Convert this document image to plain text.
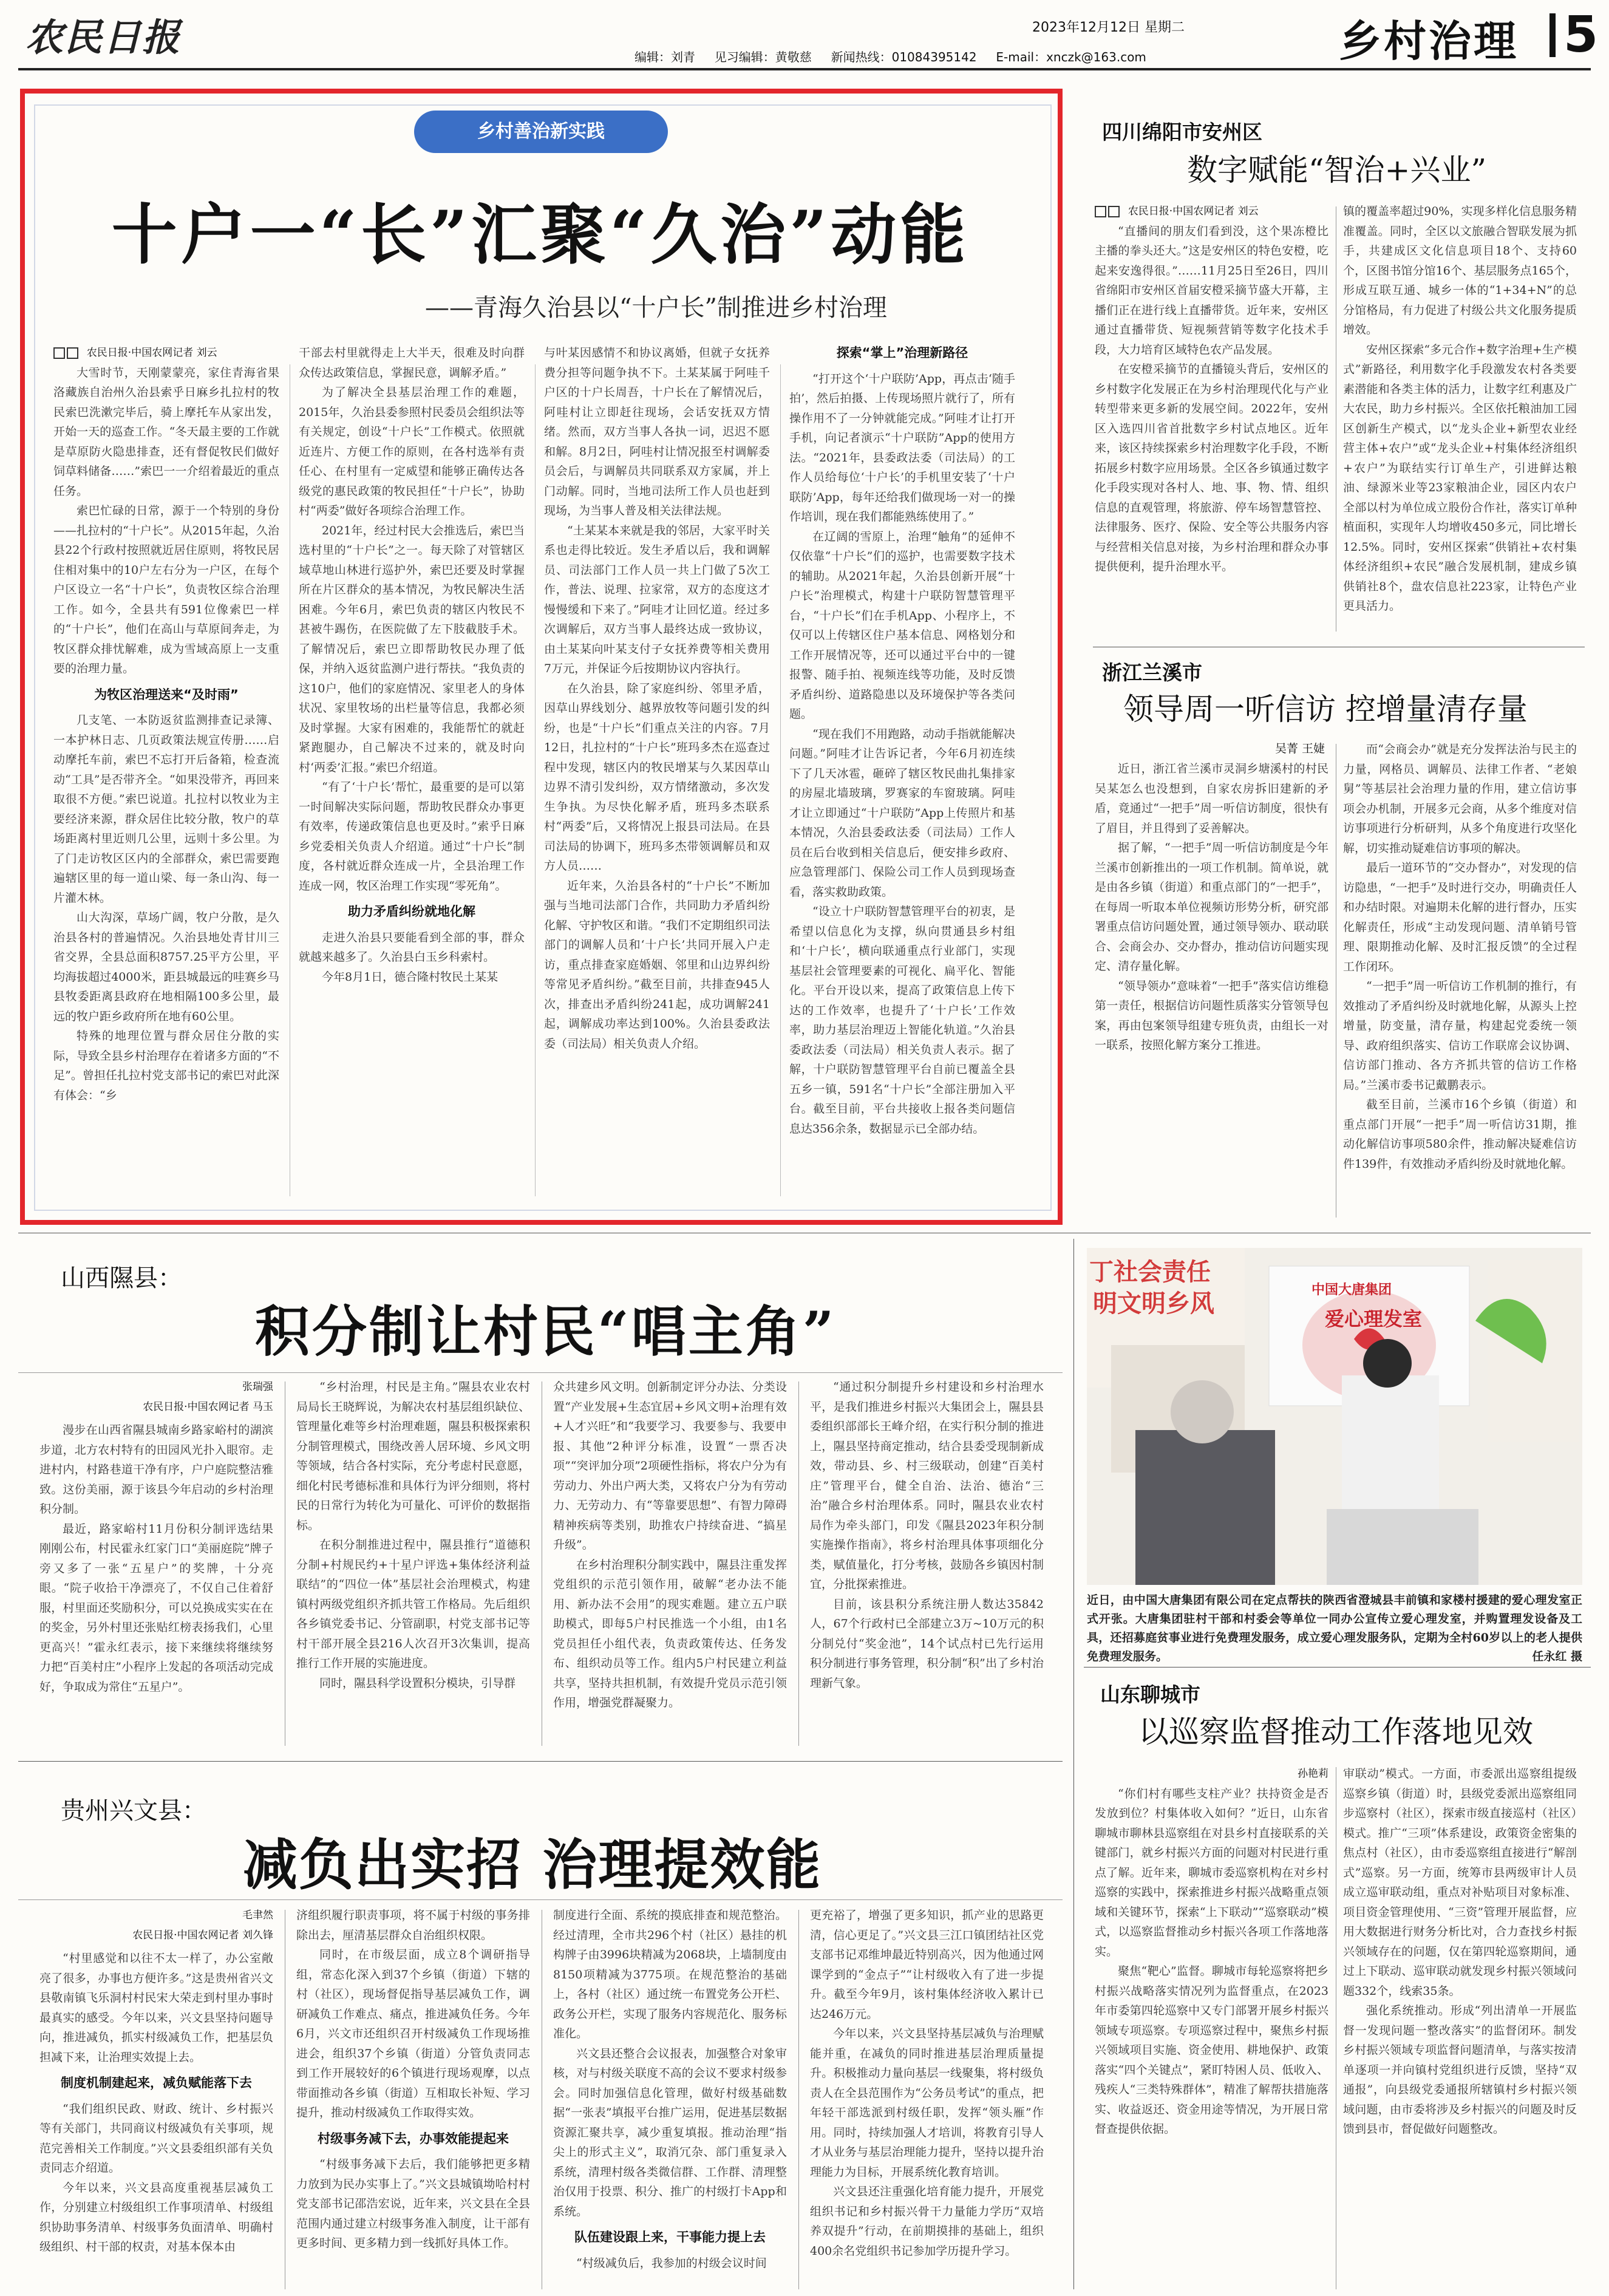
农民日报	2023年12月12日 星期二
编辑：刘青 见习编辑：黄敬慈 新闻热线：01084395142 E-mail：xnczk@163.com	乡村治理 5
乡村善治新实践
十户一“长”汇聚“久治”动能
——青海久治县以“十户长”制推进乡村治理
农民日报·中国农网记者 刘云

大雪时节，天刚蒙蒙亮，家住青海省果洛藏族自治州久治县索乎日麻乡扎拉村的牧民索巴洗漱完毕后，骑上摩托车从家出发，开始一天的巡查工作。“冬天最主要的工作就是草原防火隐患排查，还有督促牧民们做好饲草料储备……”索巴一一介绍着最近的重点任务。

索巴忙碌的日常，源于一个特别的身份——扎拉村的“十户长”。从2015年起，久治县22个行政村按照就近居住原则，将牧民居住相对集中的10户左右分为一户区，在每个户区设立一名“十户长”，负责牧区综合治理工作。如今，全县共有591位像索巴一样的“十户长”，他们在高山与草原间奔走，为牧区群众排忧解难，成为雪域高原上一支重要的治理力量。

为牧区治理送来“及时雨”

几支笔、一本防返贫监测排查记录簿、一本护林日志、几页政策法规宣传册……启动摩托车前，索巴不忘打开后备箱，检查流动“工具”是否带齐全。“如果没带齐，再回来取很不方便。”索巴说道。扎拉村以牧业为主要经济来源，群众居住比较分散，牧户的草场距离村里近则几公里，远则十多公里。为了门走访牧区区内的全部群众，索巴需要跑遍辖区里的每一道山梁、每一条山沟、每一片灌木林。

山大沟深，草场广阔，牧户分散，是久治县各村的普遍情况。久治县地处青甘川三省交界，全县总面积8757.25平方公里，平均海拔超过4000米，距县城最远的哇赛乡马县牧委距离县政府在地相隔100多公里，最远的牧户距乡政府所在地有60公里。

特殊的地理位置与群众居住分散的实际，导致全县乡村治理存在着诸多方面的“不足”。曾担任扎拉村党支部书记的索巴对此深有体会：“乡

干部去村里就得走上大半天，很难及时向群众传达政策信息，掌握民意，调解矛盾。”

为了解决全县基层治理工作的难题，2015年，久治县委参照村民委员会组织法等有关规定，创设“十户长”工作模式。依照就近连片、方便工作的原则，在各村选举有责任心、在村里有一定威望和能够正确传达各级党的惠民政策的牧民担任“十户长”，协助村“两委”做好各项综合治理工作。

2021年，经过村民大会推选后，索巴当选村里的“十户长”之一。每天除了对管辖区域草地山林进行巡护外，索巴还要及时掌握所在片区群众的基本情况，为牧民解决生活困难。今年6月，索巴负责的辖区内牧民不甚被牛踢伤，在医院做了左下肢截肢手术。了解情况后，索巴立即帮助牧民办理了低保，并纳入返贫监测户进行帮扶。“我负责的这10户，他们的家庭情况、家里老人的身体状况、家里牧场的出栏量等信息，我都必须及时掌握。大家有困难的，我能帮忙的就赶紧跑腿办，自己解决不过来的，就及时向村‘两委’汇报。”索巴介绍道。

“有了‘十户长’帮忙，最重要的是可以第一时间解决实际问题，帮助牧民群众办事更有效率，传递政策信息也更及时。”索乎日麻乡党委相关负责人介绍道。通过“十户长”制度，各村就近群众连成一片，全县治理工作连成一网，牧区治理工作实现“零死角”。

助力矛盾纠纷就地化解

走进久治县只要能看到全部的事，群众就越来越多了。久治县白玉乡科索村。

今年8月1日，德合隆村牧民土某某

与叶某因感情不和协议离婚，但就子女抚养费分担等问题争执不下。土某某属于阿哇千户区的十户长周吾，十户长在了解情况后，阿哇村让立即赶往现场，会话安抚双方情绪。然而，双方当事人各执一词，迟迟不愿和解。8月2日，阿哇村让情况报至村调解委员会后，与调解员共同联系双方家属，并上门动解。同时，当地司法所工作人员也赶到现场，为当事人普及相关法律法规。

“土某某本来就是我的邻居，大家平时关系也走得比较近。发生矛盾以后，我和调解员、司法部门工作人员一共上门做了5次工作，普法、说理、拉家常，双方的态度这才慢慢缓和下来了。”阿哇才让回忆道。经过多次调解后，双方当事人最终达成一致协议，由土某某向叶某支付子女抚养费等相关费用7万元，并保证今后按期协议内容执行。

在久治县，除了家庭纠纷、邻里矛盾，因草山界线划分、越界放牧等问题引发的纠纷，也是“十户长”们重点关注的内容。7月12日，扎拉村的“十户长”班玛多杰在巡查过程中发现，辖区内的牧民增某与久某因草山边界不清引发纠纷，双方情绪激动，多次发生争执。为尽快化解矛盾，班玛多杰联系村“两委”后，又将情况上报县司法局。在县司法局的协调下，班玛多杰带领调解员和双方人员……

近年来，久治县各村的“十户长”不断加强与当地司法部门合作，共同助力矛盾纠纷化解、守护牧区和谐。“我们不定期组织司法部门的调解人员和‘十户长’共同开展入户走访，重点排查家庭婚姻、邻里和山边界纠纷等常见矛盾纠纷。”截至目前，共排查945人次，排查出矛盾纠纷241起，成功调解241起，调解成功率达到100%。久治县委政法委（司法局）相关负责人介绍。

探索“掌上”治理新路径

“打开这个‘十户联防’App，再点击‘随手拍’，然后拍摄、上传现场照片就行了，所有操作用不了一分钟就能完成。”阿哇才让打开手机，向记者演示“十户联防”App的使用方法。“2021年，县委政法委（司法局）的工作人员给每位‘十户长’的手机里安装了‘十户联防’App，每年还给我们做现场一对一的操作培训，现在我们都能熟练使用了。”

在辽阔的雪原上，治理“触角”的延伸不仅依靠“十户长”们的巡护，也需要数字技术的辅助。从2021年起，久治县创新开展“十户长”治理模式，构建十户联防智慧管理平台，“十户长”们在手机App、小程序上，不仅可以上传辖区住户基本信息、网格划分和工作开展情况等，还可以通过平台中的一键报警、随手拍、视频连线等功能，及时反馈矛盾纠纷、道路隐患以及环境保护等各类问题。

“现在我们不用跑路，动动手指就能解决问题。”阿哇才让告诉记者，今年6月初连续下了几天冰雹，砸碎了辖区牧民曲扎集排家的房屋北墙玻璃，罗赛家的车窗玻璃。阿哇才让立即通过“十户联防”App上传照片和基本情况，久治县委政法委（司法局）工作人员在后台收到相关信息后，便安排乡政府、应急管理部门、保险公司工作人员到现场查看，落实救助政策。

“设立十户联防智慧管理平台的初衷，是希望以信息化为支撑，纵向贯通县乡村组和‘十户长’，横向联通重点行业部门，实现基层社会管理要素的可视化、扁平化、智能化。平台开设以来，提高了政策信息上传下达的工作效率，也提升了‘十户长’工作效率，助力基层治理迈上智能化轨道。”久治县委政法委（司法局）相关负责人表示。据了解，十户联防智慧管理平台自前已覆盖全县五乡一镇，591名“十户长”全部注册加入平台。截至目前，平台共接收上报各类问题信息达356余条，数据显示已全部办结。

四川绵阳市安州区
数字赋能“智治+兴业”
农民日报·中国农网记者 刘云

“直播间的朋友们看到没，这个果冻橙比主播的拳头还大。”这是安州区的特色安橙，吃起来安逸得很。”……11月25日至26日，四川省绵阳市安州区首届安橙采摘节盛大开幕，主播们正在进行线上直播带货。近年来，安州区通过直播带货、短视频营销等数字化技术手段，大力培育区域特色农产品发展。

在安橙采摘节的直播镜头背后，安州区的乡村数字化发展正在为乡村治理现代化与产业转型带来更多新的发展空间。2022年，安州区入选四川省首批数字乡村试点地区。近年来，该区持续探索乡村治理数字化手段，不断拓展乡村数字应用场景。全区各乡镇通过数字化手段实现对各村人、地、事、物、情、组织信息的直观管理，将旅游、停车场智慧管控、法律服务、医疗、保险、安全等公共服务内容与经营相关信息对接，为乡村治理和群众办事提供便利，提升治理水平。

镇的覆盖率超过90%，实现多样化信息服务精准覆盖。同时，全区以文旅融合智联发展为抓手，共建成区文化信息项目18个、支持60个，区图书馆分馆16个、基层服务点165个，形成互联互通、城乡一体的“1+34+N”的总分馆格局，有力促进了村级公共文化服务提质增效。

安州区探索“多元合作+数字治理+生产模式”新路径，利用数字化手段激发农村各类要素潜能和各类主体的活力，让数字红利惠及广大农民，助力乡村振兴。全区依托粮油加工园区创新生产模式，以“龙头企业+新型农业经营主体+农户”或“龙头企业+村集体经济组织+农户”为联结实行订单生产，引进鲜达粮油、绿源米业等23家粮油企业，园区内农户全部以村为单位成立股份合作社，落实订单种植面积，实现年人均增收450多元，同比增长12.5%。同时，安州区探索“供销社+农村集体经济组织+农民”融合发展机制，建成乡镇供销社8个，盘农信息社223家，让特色产业更具活力。

浙江兰溪市
领导周一听信访 控增量清存量
吴菁 王婕

近日，浙江省兰溪市灵洞乡塘溪村的村民吴某怎么也没想到，自家农房拆旧建新的矛盾，竟通过“一把手”周一听信访制度，很快有了眉目，并且得到了妥善解决。

据了解，“一把手”周一听信访制度是今年兰溪市创新推出的一项工作机制。简单说，就是由各乡镇（街道）和重点部门的“一把手”，在每周一听取本单位视频访形势分析，研究部署重点信访问题处置，通过领导领办、联动联合、会商会办、交办督办，推动信访问题实现定、清存量化解。

“领导领办”意味着“一把手”落实信访维稳第一责任，根据信访问题性质落实分管领导包案，再由包案领导组建专班负责，由组长一对一联系，按照化解方案分工推进。

而“会商会办”就是充分发挥法治与民主的力量，网格员、调解员、法律工作者、“老娘舅”等基层社会治理力量的作用，建立信访事项会办机制，开展多元会商，从多个维度对信访事项进行分析研判，从多个角度进行攻坚化解，切实推动疑难信访事项的解决。

最后一道环节的“交办督办”，对发现的信访隐患，“一把手”及时进行交办，明确责任人和办结时限。对遍期未化解的进行督办，压实化解责任，形成“主动发现问题、清单销号管理、限期推动化解、及时汇报反馈”的全过程工作闭环。

“一把手”周一听信访工作机制的推行，有效推动了矛盾纠纷及时就地化解，从源头上控增量，防变量，清存量，构建起党委统一领导、政府组织落实、信访工作联席会议协调、信访部门推动、各方齐抓共管的信访工作格局。”兰溪市委书记戴鹏表示。

截至目前，兰溪市16个乡镇（街道）和重点部门开展“一把手”周一听信访31期，推动化解信访事项580余件，推动解决疑难信访件139件，有效推动矛盾纠纷及时就地化解。

山西隰县：
积分制让村民“唱主角”
张瑞强
农民日报·中国农网记者 马玉

漫步在山西省隰县城南乡路家峪村的湖滨步道，北方农村特有的田园风光扑入眼帘。走进村内，村路巷道干净有序，户户庭院整洁雅致。这份美丽，源于该县今年启动的乡村治理积分制。

最近，路家峪村11月份积分制评选结果刚刚公布，村民霍永红家门口“美丽庭院”牌子旁又多了一张“五星户”的奖牌，十分亮眼。“院子收拾干净漂亮了，不仅自己住着舒服，村里面还奖励积分，可以兑换成实实在在的奖金，另外村里还张贴红榜表扬我们，心里更高兴！”霍永红表示，接下来继续将继续努力把“百美村庄”小程序上发起的各项活动完成好，争取成为常住“五星户”。

“乡村治理，村民是主角。”隰县农业农村局局长王晓辉说，为解决农村基层组织缺位、管理量化难等乡村治理难题，隰县积极探索积分制管理模式，围绕改善人居环境、乡风文明等领域，结合各村实际，充分考虑村民意愿，细化村民考德标准和具体行为评分细则，将村民的日常行为转化为可量化、可评价的数据指标。

在积分制推进过程中，隰县推行“道德积分制+村规民约+十星户评选+集体经济利益联结”的“四位一体”基层社会治理模式，构建镇村两级党组织齐抓共管工作格局。先后组织各乡镇党委书记、分管副职，村党支部书记等村干部开展全县216人次召开3次集训，提高推行工作开展的实施进度。

同时，隰县科学设置积分模块，引导群

众共建乡风文明。创新制定评分办法、分类设置“产业发展+生态宜居+乡风文明+治理有效+人才兴旺”和“我要学习、我要参与、我要申报、其他”2种评分标准，设置“一票否决项”“突评加分项”2项硬性指标，将农户分为有劳动力、外出户两大类，又将农户分为有劳动力、无劳动力、有“等靠要思想”、有智力障碍精神疾病等类别，助推农户持续奋进、“搞星升级”。

在乡村治理积分制实践中，隰县注重发挥党组织的示范引领作用，破解“老办法不能用、新办法不会用”的现实难题。建立五户联助模式，即每5户村民推选一个小组，由1名党员担任小组代表，负责政策传达、任务发布、组织动员等工作。组内5户村民建立利益共享，坚持共担机制，有效提升党员示范引领作用，增强党群凝聚力。

“通过积分制提升乡村建设和乡村治理水平，是我们推进乡村振兴大集团会上，隰县县委组织部部长王峰介绍，在实行积分制的推进上，隰县坚持商定推动，结合县委受现制新成效，带动县、乡、村三级联动，创建“百美村庄”管理平台，健全自治、法治、德治“三治”融合乡村治理体系。同时，隰县农业农村局作为牵头部门，印发《隰县2023年积分制实施操作指南》，将乡村治理具体事项细化分类，赋值量化，打分考核，鼓励各乡镇因村制宜，分批探索推进。

目前，该县积分系统注册人数达35842人，67个行政村已全部建立3万~10万元的积分制兑付“奖金池”，14个试点村已先行运用积分制进行事务管理，积分制“积”出了乡村治理新气象。

贵州兴文县：
减负出实招 治理提效能
毛聿然
农民日报·中国农网记者 刘久锋

“村里感觉和以往不太一样了，办公室敞亮了很多，办事也方便许多。”这是贵州省兴文县敬南镇飞乐洞村村民宋大荣走到村里办事时最真实的感受。今年以来，兴文县坚持问题导向，推进减负，抓实村级减负工作，把基层负担减下来，让治理实效提上去。

制度机制建起来，减负赋能落下去

“我们组织民政、财政、统计、乡村振兴等有关部门，共同商议村级减负有关事项，规范完善相关工作制度。”兴文县委组织部有关负责同志介绍道。

今年以来，兴文县高度重视基层减负工作，分别建立村级组织工作事项清单、村级组织协助事务清单、村级事务负面清单、明确村级组织、村干部的权责，对基本保本由

济组织履行职责事项，将不属于村级的事务排除出去，厘清基层群众自治组织权限。

同时，在市级层面，成立8个调研指导组，常态化深入到37个乡镇（街道）下辖的村（社区），现场督促指导基层减负工作，调研减负工作难点、痛点，推进减负任务。今年6月，兴文市还组织召开村级减负工作现场推进会，组织37个乡镇（街道）分管负责同志到工作开展较好的6个镇进行现场观摩，以点带面推动各乡镇（街道）互相取长补短、学习提升，推动村级减负工作取得实效。

村级事务减下去，办事效能提起来

“村级事务减下去后，我们能够把更多精力放到为民办实事上了。”兴文县城镇坳哈村村党支部书记邵浩宏说，近年来，兴文县在全县范围内通过建立村级事务准入制度，让干部有更多时间、更多精力到一线抓好具体工作。

制度进行全面、系统的摸底排查和规范整治。经过清理，全市共296个村（社区）悬挂的机构牌子由3996块精减为2068块，上墙制度由8150项精减为3775项。在规范整治的基础上，各村（社区）通过统一布置党务公开栏、政务公开栏，实现了服务内容规范化、服务标准化。

兴文县还整合会议报表，加强整合对象审核，对与村级关联度不高的会议不要求村级参会。同时加强信息化管理，做好村级基础数据“一张表”填报平台推广运用，促进基层数据资源汇聚共享，减少重复填报。推动治理“指尖上的形式主义”，取消冗杂、部门重复录入系统，清理村级各类微信群、工作群、清理整治仅用于投票、积分、推广的村级打卡App和系统。

队伍建设跟上来，干事能力提上去

“村级减负后，我参加的村级会议时间

更充裕了，增强了更多知识，抓产业的思路更清，信心更足了。”兴文县三江口镇团结社区党支部书记邓维坤最近特别高兴，因为他通过网课学到的“金点子”“让村级收入有了进一步提升。截至今年9月，该村集体经济收入累计已达246万元。

今年以来，兴文县坚持基层减负与治理赋能并重，在减负的同时推进基层治理质量提升。积极推动力量向基层一线聚集，将村级负责人在全县范围作为“公务员考试”的重点，把年轻干部选派到村级任职，发挥“领头雁”作用。同时，持续加强人才培训，将教育引导人才从业务与基层治理能力提升，坚持以提升治理能力为目标，开展系统化教育培训。

兴文县还注重强化培育能力提升，开展党组织书记和乡村振兴骨干力量能力学历“双培养双提升”行动，在前期摸排的基础上，组织400余名党组织书记参加学历提升学习。

丁社会责任
明文明乡风	中国大唐集团
爱心理发室
近日，由中国大唐集团有限公司在定点帮扶的陕西省澄城县丰前镇和家楼村援建的爱心理发室正式开张。大唐集团驻村干部和村委会等单位一同办公宣传立爱心理发室，并购置理发设备及工具，还招募庭贫事业进行免费理发服务，成立爱心理发服务队，定期为全村60岁以上的老人提供免费理发服务。	任永红 摄
山东聊城市
以巡察监督推动工作落地见效
孙艳莉

“你们村有哪些支柱产业？扶持资金是否发放到位？村集体收入如何？”近日，山东省聊城市聊林县巡察组在对县乡村直接联系的关键部门，就乡村振兴方面的问题对村民进行重点了解。近年来，聊城市委巡察机构在对乡村巡察的实践中，探索推进乡村振兴战略重点领域和关键环节，探索“上下联动”“巡察联动”模式，以巡察监督推动乡村振兴各项工作落地落实。

聚焦“靶心”监督。聊城市每轮巡察将把乡村振兴战略落实情况列为监督重点，在2023年市委第四轮巡察中又专门部署开展乡村振兴领域专项巡察。专项巡察过程中，聚焦乡村振兴领域项目实施、资金使用、耕地保护、政策落实“四个关键点”，紧盯特困人员、低收入、残疾人“三类特殊群体”，精准了解帮扶措施落实、收益返还、资金用途等情况，为开展日常督查提供依据。

审联动”模式。一方面，市委派出巡察组提级巡察乡镇（街道）时，县级党委派出巡察组同步巡察村（社区），探索市级直接巡村（社区）模式。推广“三项”体系建设，政策资金密集的焦点村（社区），由市委巡察组直接进行“解剖式”巡察。另一方面，统筹市县两级审计人员成立巡审联动组，重点对补贴项目对象标准、项目资金管理使用、“三资”管理开展监督，应用大数据进行财务分析比对，合力查找乡村振兴领域存在的问题，仅在第四轮巡察期间，通过上下联动、巡审联动就发现乡村振兴领域问题332个，线索35条。

强化系统推动。形成“列出清单一开展监督一发现问题一整改落实”的监督闭环。制发乡村振兴领域专项监督问题清单，与落实按清单逐项一并向镇村党组织进行反馈，坚持“双通报”，向县级党委通报所辖镇村乡村振兴领域问题，由市委将涉及乡村振兴的问题及时反馈到县市，督促做好问题整改。
